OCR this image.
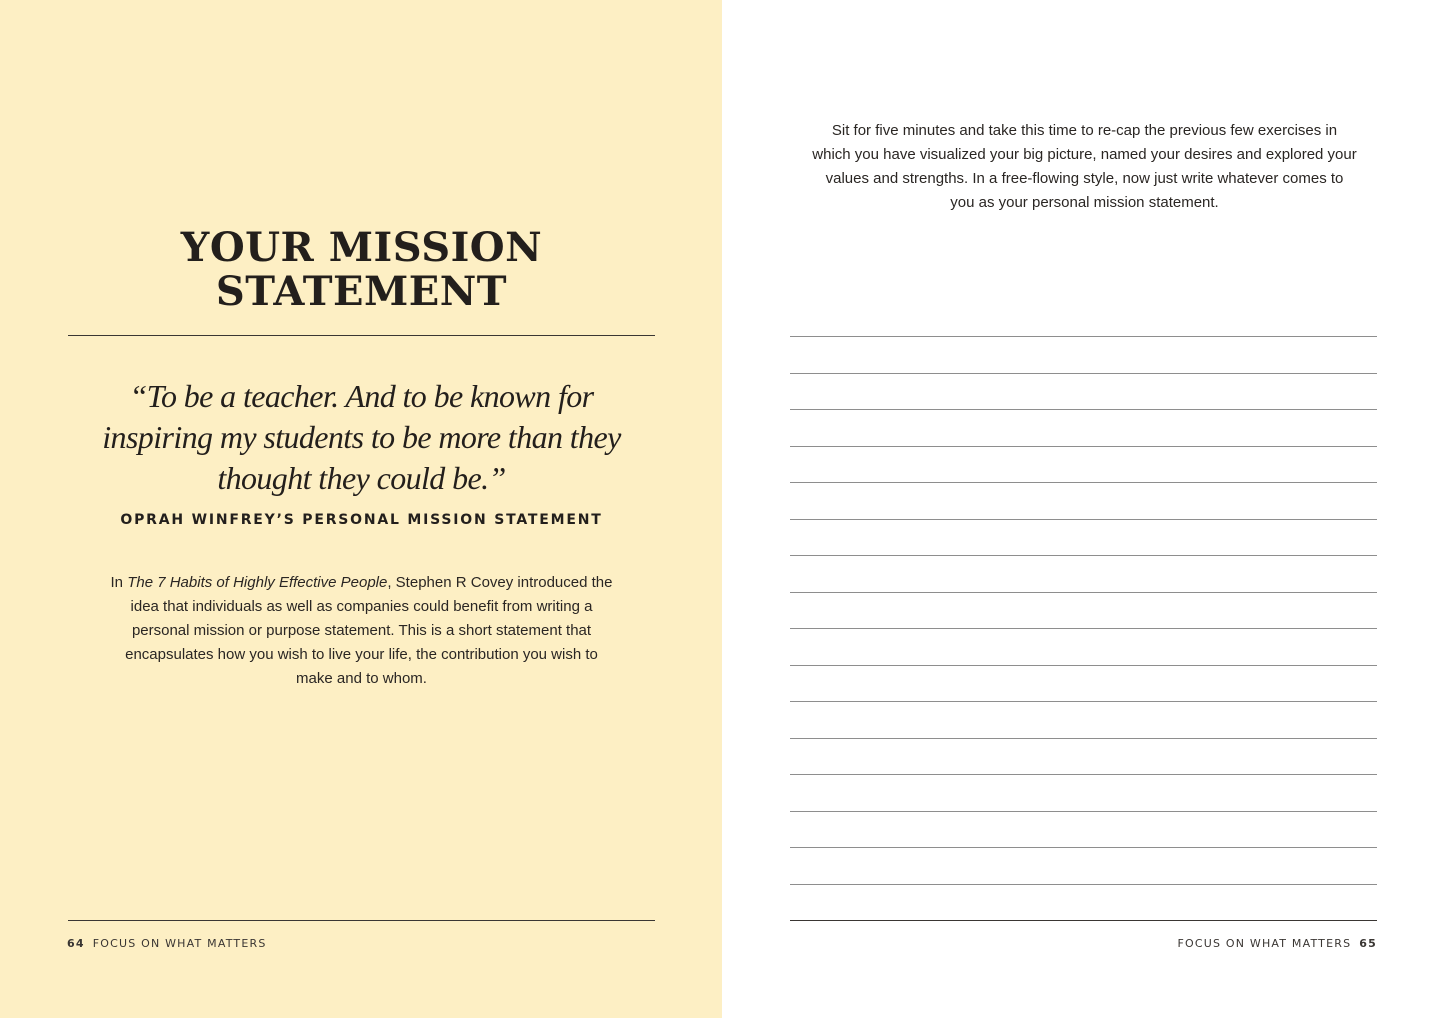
YOUR MISSION
STATEMENT

“To be a teacher. And to be known for inspiring my students to be more than they thought they could be.”

OPRAH WINFREY’S PERSONAL MISSION STATEMENT

In The 7 Habits of Highly Effective People, Stephen R Covey introduced the idea that individuals as well as companies could benefit from writing a personal mission or purpose statement. This is a short statement that encapsulates how you wish to live your life, the contribution you wish to make and to whom.

64 FOCUS ON WHAT MATTERS

Sit for five minutes and take this time to re-cap the previous few exercises in which you have visualized your big picture, named your desires and explored your values and strengths. In a free-flowing style, now just write whatever comes to you as your personal mission statement.

FOCUS ON WHAT MATTERS 65
